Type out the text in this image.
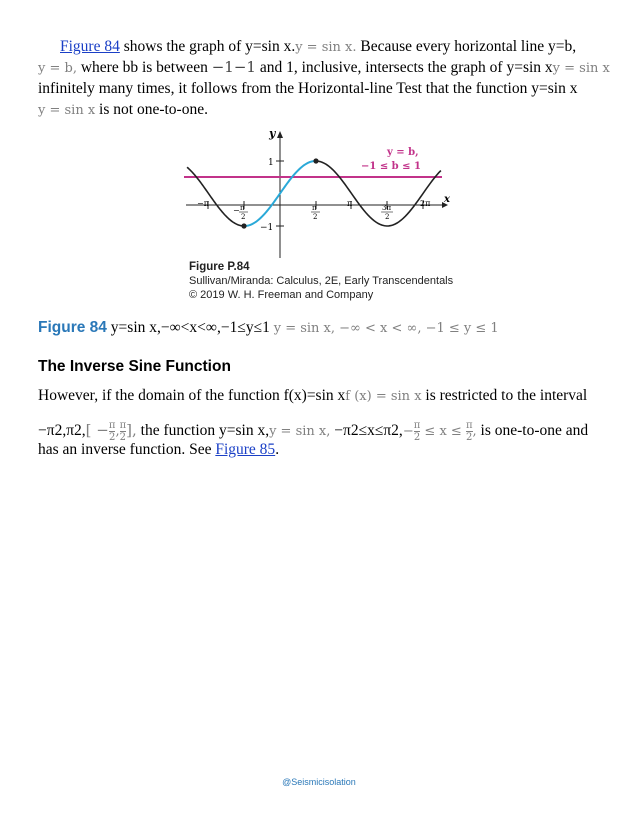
Figure 84 shows the graph of y=sin x.y = sin x. Because every horizontal line y=b,
y = b, where bb is between −1−1 and 1, inclusive, intersects the graph of y=sin xy = sin x
infinitely many times, it follows from the Horizontal-line Test that the function y=sin x
y = sin x is not one-to-one.
y
x
1
−1
−π
− π
2
π
2
π	3π
2
2π
y = b,
−1 ≤ b ≤ 1
Figure P.84
Sullivan/Miranda: Calculus, 2E, Early Transcendentals
© 2019 W. H. Freeman and Company
Figure 84 y=sin x,−∞<x<∞,−1≤y≤1 y = sin x, −∞ < x < ∞, −1 ≤ y ≤ 1
The Inverse Sine Function
However, if the domain of the function f(x)=sin xf (x) = sin x is restricted to the interval
$-\pi 2,\pi 2,[ - \frac{\pi}{2}$ , $\frac{\pi}{2}$ ], the function y=sin x,y = sin x, $-\pi 2\le x\le\pi 2,- \frac{\pi}{2} \le x \le \frac{\pi}{2}$ , is one-to-one and
has an inverse function. See Figure 85.
@Seismicisolation
